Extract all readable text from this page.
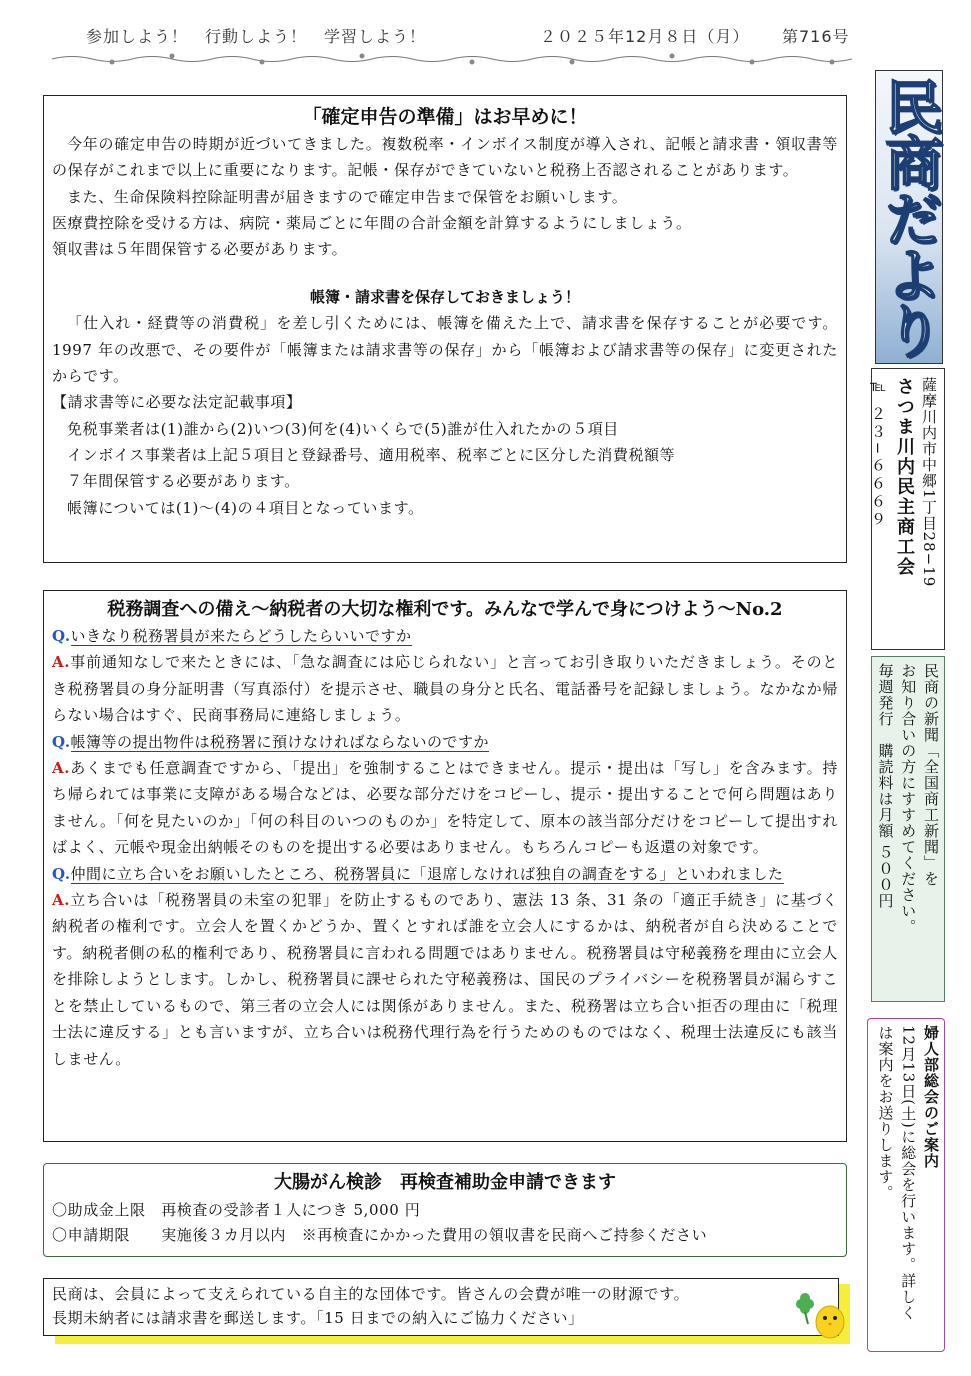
参加しよう！　行動しよう！　学習しよう！	２０２５年12月８日（月） 第716号
民商だより
薩摩川内市中郷1丁目28−19
さつま川内民主商工会
℡ ２３−６６６９
民商の新聞「全国商工新聞」を
お知り合いの方にすすめてください。
毎週発行　購読料は月額 ５００円
婦人部総会のご案内
12月13日(土)に総会を行います。詳しく
は案内をお送りします。
「確定申告の準備」はお早めに！

今年の確定申告の時期が近づいてきました。複数税率・インボイス制度が導入され、記帳と請求書・領収書等の保存がこれまで以上に重要になります。記帳・保存ができていないと税務上否認されることがあります。

また、生命保険料控除証明書が届きますので確定申告まで保管をお願いします。

医療費控除を受ける方は、病院・薬局ごとに年間の合計金額を計算するようにしましょう。

領収書は５年間保管する必要があります。

帳簿・請求書を保存しておきましょう！

「仕入れ・経費等の消費税」を差し引くためには、帳簿を備えた上で、請求書を保存することが必要です。1997 年の改悪で、その要件が「帳簿または請求書等の保存」から「帳簿および請求書等の保存」に変更されたからです。

【請求書等に必要な法定記載事項】

免税事業者は(1)誰から(2)いつ(3)何を(4)いくらで(5)誰が仕入れたかの５項目

インボイス事業者は上記５項目と登録番号、適用税率、税率ごとに区分した消費税額等

７年間保管する必要があります。

帳簿については(1)～(4)の４項目となっています。

税務調査への備え～納税者の大切な権利です。みんなで学んで身につけよう～No.2

Q.いきなり税務署員が来たらどうしたらいいですか

A.事前通知なしで来たときには、「急な調査には応じられない」と言ってお引き取りいただきましょう。そのとき税務署員の身分証明書（写真添付）を提示させ、職員の身分と氏名、電話番号を記録しましょう。なかなか帰らない場合はすぐ、民商事務局に連絡しましょう。

Q.帳簿等の提出物件は税務署に預けなければならないのですか

A.あくまでも任意調査ですから、「提出」を強制することはできません。提示・提出は「写し」を含みます。持ち帰られては事業に支障がある場合などは、必要な部分だけをコピーし、提示・提出することで何ら問題はありません。「何を見たいのか」「何の科目のいつのものか」を特定して、原本の該当部分だけをコピーして提出すればよく、元帳や現金出納帳そのものを提出する必要はありません。もちろんコピーも返還の対象です。

Q.仲間に立ち合いをお願いしたところ、税務署員に「退席しなければ独自の調査をする」といわれました

A.立ち合いは「税務署員の未室の犯罪」を防止するものであり、憲法 13 条、31 条の「適正手続き」に基づく納税者の権利です。立会人を置くかどうか、置くとすれば誰を立会人にするかは、納税者が自ら決めることです。納税者側の私的権利であり、税務署員に言われる問題ではありません。税務署員は守秘義務を理由に立会人を排除しようとします。しかし、税務署員に課せられた守秘義務は、国民のプライバシーを税務署員が漏らすことを禁止しているもので、第三者の立会人には関係がありません。また、税務署は立ち合い拒否の理由に「税理士法に違反する」とも言いますが、立ち合いは税務代理行為を行うためのものではなく、税理士法違反にも該当しません。

大腸がん検診　再検査補助金申請できます

〇助成金上限　再検査の受診者１人につき 5,000 円

〇申請期限　　実施後３カ月以内　※再検査にかかった費用の領収書を民商へご持参ください

民商は、会員によって支えられている自主的な団体です。皆さんの会費が唯一の財源です。

長期未納者には請求書を郵送します。「15 日までの納入にご協力ください」
